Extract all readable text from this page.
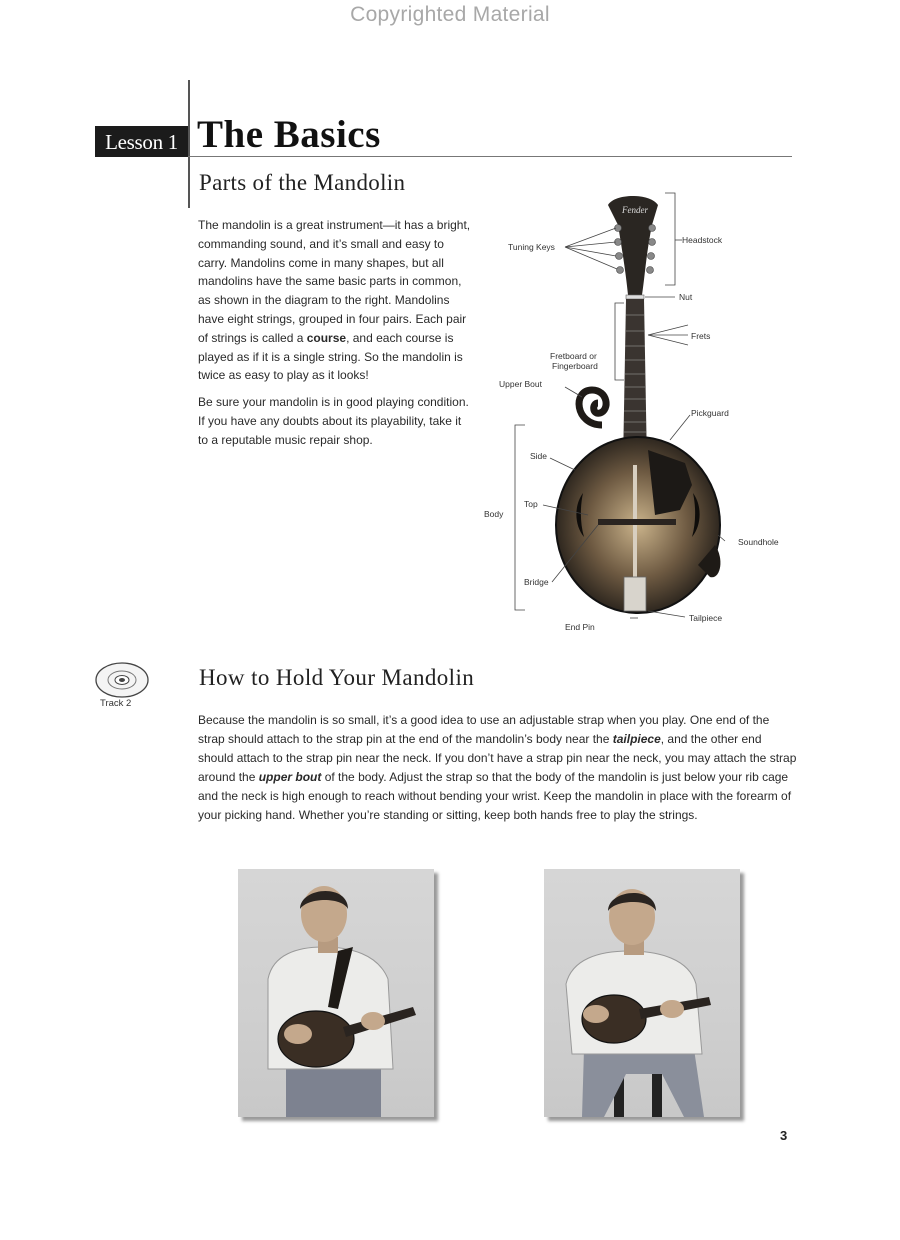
Copyrighted Material
Lesson 1 The Basics
Parts of the Mandolin

The mandolin is a great instrument—it has a bright, commanding sound, and it’s small and easy to carry. Mandolins come in many shapes, but all mandolins have the same basic parts in common, as shown in the diagram to the right. Mandolins have eight strings, grouped in four pairs. Each pair of strings is called a course, and each course is played as if it is a single string. So the mandolin is twice as easy to play as it looks!

Be sure your mandolin is in good playing condition. If you have any doubts about its playability, take it to a reputable music repair shop.

Fender
Tuning Keys
Headstock
Nut
Frets
Fretboard or
Fingerboard
Upper Bout
Pickguard
Side
Top
Body
Soundhole
Bridge
End Pin
Tailpiece
Track 2
How to Hold Your Mandolin
Because the mandolin is so small, it’s a good idea to use an adjustable strap when you play. One end of the strap should attach to the strap pin at the end of the mandolin’s body near the tailpiece, and the other end should attach to the strap pin near the neck. If you don’t have a strap pin near the neck, you may attach the strap around the upper bout of the body. Adjust the strap so that the body of the mandolin is just below your rib cage and the neck is high enough to reach without bending your wrist. Keep the mandolin in place with the forearm of your picking hand. Whether you’re standing or sitting, keep both hands free to play the strings.
3
